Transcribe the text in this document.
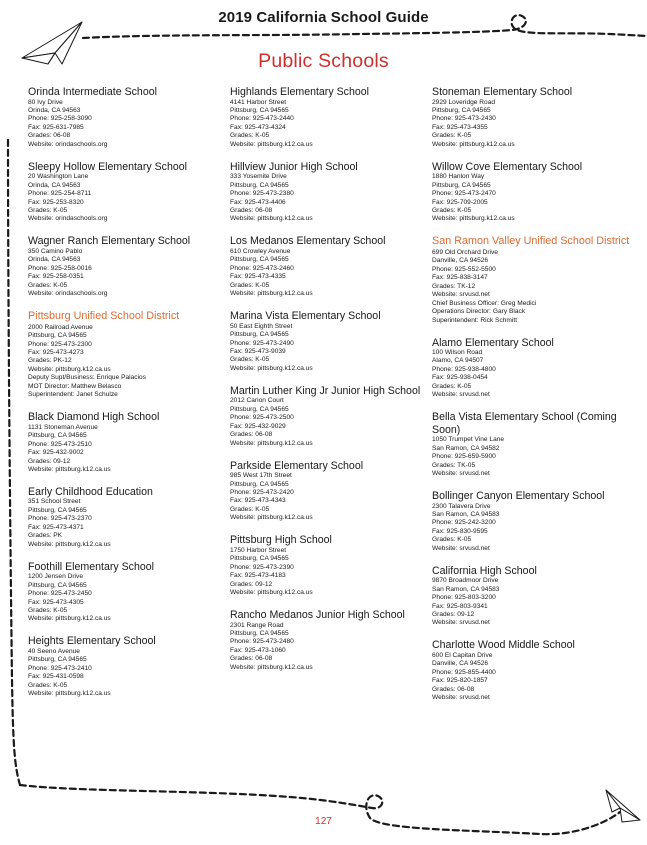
2019 California School Guide
Public Schools
Orinda Intermediate School
80 Ivy Drive
Orinda, CA 94563
Phone: 925-258-3090
Fax: 925-631-7985
Grades: 06-08
Website: orindaschools.org
Sleepy Hollow Elementary School
20 Washington Lane
Orinda, CA 94563
Phone: 925-254-8711
Fax: 925-253-8320
Grades: K-05
Website: orindaschools.org
Wagner Ranch Elementary School
350 Camino Pablo
Orinda, CA 94563
Phone: 925-258-0016
Fax: 925-258-0351
Grades: K-05
Website: orindaschools.org
Pittsburg Unified School District
2000 Railroad Avenue
Pittsburg, CA 94565
Phone: 925-473-2300
Fax: 925-473-4273
Grades: PK-12
Website: pittsburg.k12.ca.us
Deputy Supt/Business: Enrique Palacios
MOT Director: Matthew Belasco
Superintendent: Janet Schulze
Black Diamond High School
1131 Stoneman Avenue
Pittsburg, CA 94565
Phone: 925-473-2510
Fax: 925-432-9002
Grades: 09-12
Website: pittsburg.k12.ca.us
Early Childhood Education
351 School Street
Pittsburg, CA 94565
Phone: 925-473-2370
Fax: 925-473-4371
Grades: PK
Website: pittsburg.k12.ca.us
Foothill Elementary School
1200 Jensen Drive
Pittsburg, CA 94565
Phone: 925-473-2450
Fax: 925-473-4305
Grades: K-05
Website: pittsburg.k12.ca.us
Heights Elementary School
40 Seeno Avenue
Pittsburg, CA 94565
Phone: 925-473-2410
Fax: 925-431-0598
Grades: K-05
Website: pittsburg.k12.ca.us
Highlands Elementary School
4141 Harbor Street
Pittsburg, CA 94565
Phone: 925-473-2440
Fax: 925-473-4324
Grades: K-05
Website: pittsburg.k12.ca.us
Hillview Junior High School
333 Yosemite Drive
Pittsburg, CA 94565
Phone: 925-473-2380
Fax: 925-473-4406
Grades: 06-08
Website: pittsburg.k12.ca.us
Los Medanos Elementary School
610 Crowley Avenue
Pittsburg, CA 94565
Phone: 925-473-2460
Fax: 925-473-4335
Grades: K-05
Website: pittsburg.k12.ca.us
Marina Vista Elementary School
50 East Eighth Street
Pittsburg, CA 94565
Phone: 925-473-2490
Fax: 925-473-9039
Grades: K-05
Website: pittsburg.k12.ca.us
Martin Luther King Jr Junior High School
2012 Carion Court
Pittsburg, CA 94565
Phone: 925-473-2500
Fax: 925-432-9029
Grades: 06-08
Website: pittsburg.k12.ca.us
Parkside Elementary School
985 West 17th Street
Pittsburg, CA 94565
Phone: 925-473-2420
Fax: 925-473-4343
Grades: K-05
Website: pittsburg.k12.ca.us
Pittsburg High School
1750 Harbor Street
Pittsburg, CA 94565
Phone: 925-473-2390
Fax: 925-473-4183
Grades: 09-12
Website: pittsburg.k12.ca.us
Rancho Medanos Junior High School
2301 Range Road
Pittsburg, CA 94565
Phone: 925-473-2480
Fax: 925-473-1060
Grades: 06-08
Website: pittsburg.k12.ca.us
Stoneman Elementary School
2929 Loveridge Road
Pittsburg, CA 94565
Phone: 925-473-2430
Fax: 925-473-4355
Grades: K-05
Website: pittsburg.k12.ca.us
Willow Cove Elementary School
1880 Hanlon Way
Pittsburg, CA 94565
Phone: 925-473-2470
Fax: 925-709-2005
Grades: K-05
Website: pittsburg.k12.ca.us
San Ramon Valley Unified School District
699 Old Orchard Drive
Danville, CA 94526
Phone: 925-552-5500
Fax: 925-838-3147
Grades: TK-12
Website: srvusd.net
Chief Business Officer: Greg Medici
Operations Director: Gary Black
Superintendent: Rick Schmitt
Alamo Elementary School
100 Wilson Road
Alamo, CA 94507
Phone: 925-938-4800
Fax: 925-938-0454
Grades: K-05
Website: srvusd.net
Bella Vista Elementary School (Coming Soon)
1050 Trumpet Vine Lane
San Ramon, CA 94582
Phone: 925-659-5900
Grades: TK-05
Website: srvusd.net
Bollinger Canyon Elementary School
2300 Talavera Drive
San Ramon, CA 94583
Phone: 925-242-3200
Fax: 925-830-9595
Grades: K-05
Website: srvusd.net
California High School
9870 Broadmoor Drive
San Ramon, CA 94583
Phone: 925-803-3200
Fax: 925-803-9341
Grades: 09-12
Website: srvusd.net
Charlotte Wood Middle School
600 El Capitan Drive
Danville, CA 94526
Phone: 925-855-4400
Fax: 925-820-1857
Grades: 06-08
Website: srvusd.net
127
